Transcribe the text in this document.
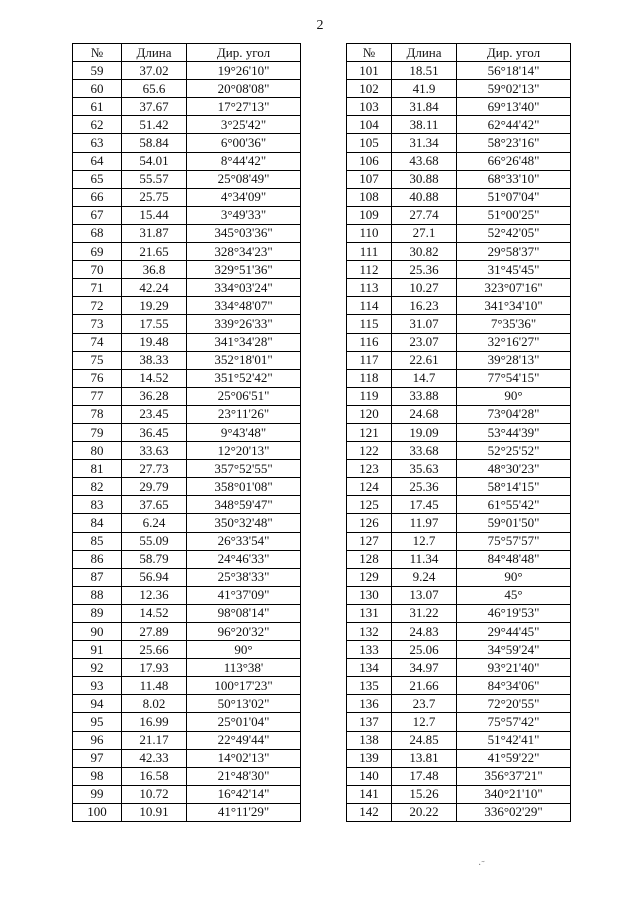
2
№	Длина	Дир. угол
59	37.02	19°26'10"
60	65.6	20°08'08"
61	37.67	17°27'13"
62	51.42	3°25'42"
63	58.84	6°00'36"
64	54.01	8°44'42"
65	55.57	25°08'49"
66	25.75	4°34'09"
67	15.44	3°49'33"
68	31.87	345°03'36"
69	21.65	328°34'23"
70	36.8	329°51'36"
71	42.24	334°03'24"
72	19.29	334°48'07"
73	17.55	339°26'33"
74	19.48	341°34'28"
75	38.33	352°18'01"
76	14.52	351°52'42"
77	36.28	25°06'51"
78	23.45	23°11'26"
79	36.45	9°43'48"
80	33.63	12°20'13"
81	27.73	357°52'55"
82	29.79	358°01'08"
83	37.65	348°59'47"
84	6.24	350°32'48"
85	55.09	26°33'54"
86	58.79	24°46'33"
87	56.94	25°38'33"
88	12.36	41°37'09"
89	14.52	98°08'14"
90	27.89	96°20'32"
91	25.66	90°
92	17.93	113°38'
93	11.48	100°17'23"
94	8.02	50°13'02"
95	16.99	25°01'04"
96	21.17	22°49'44"
97	42.33	14°02'13"
98	16.58	21°48'30"
99	10.72	16°42'14"
100	10.91	41°11'29"
№	Длина	Дир. угол
101	18.51	56°18'14"
102	41.9	59°02'13"
103	31.84	69°13'40"
104	38.11	62°44'42"
105	31.34	58°23'16"
106	43.68	66°26'48"
107	30.88	68°33'10"
108	40.88	51°07'04"
109	27.74	51°00'25"
110	27.1	52°42'05"
111	30.82	29°58'37"
112	25.36	31°45'45"
113	10.27	323°07'16"
114	16.23	341°34'10"
115	31.07	7°35'36"
116	23.07	32°16'27"
117	22.61	39°28'13"
118	14.7	77°54'15"
119	33.88	90°
120	24.68	73°04'28"
121	19.09	53°44'39"
122	33.68	52°25'52"
123	35.63	48°30'23"
124	25.36	58°14'15"
125	17.45	61°55'42"
126	11.97	59°01'50"
127	12.7	75°57'57"
128	11.34	84°48'48"
129	9.24	90°
130	13.07	45°
131	31.22	46°19'53"
132	24.83	29°44'45"
133	25.06	34°59'24"
134	34.97	93°21'40"
135	21.66	84°34'06"
136	23.7	72°20'55"
137	12.7	75°57'42"
138	24.85	51°42'41"
139	13.81	41°59'22"
140	17.48	356°37'21"
141	15.26	340°21'10"
142	20.22	336°02'29"
·̃
